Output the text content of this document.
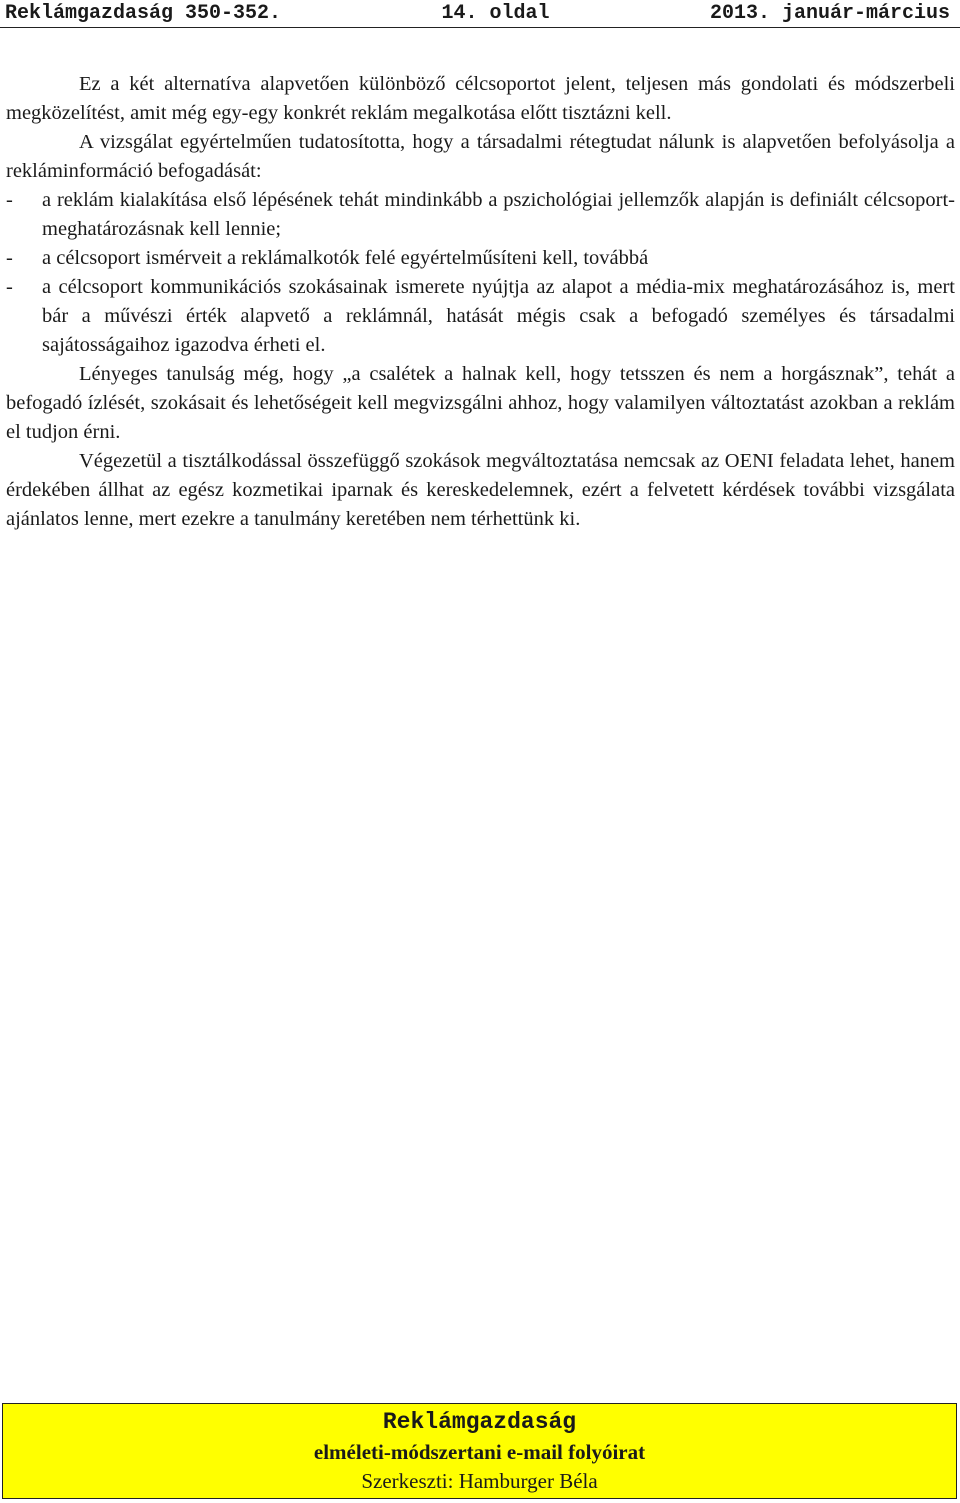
Reklámgazdaság 350-352.	14. oldal	2013. január-március

Ez a két alternatíva alapvetően különböző célcsoportot jelent, teljesen más gondolati és módszerbeli megközelítést, amit még egy-egy konkrét reklám megalkotása előtt tisztázni kell.

A vizsgálat egyértelműen tudatosította, hogy a társadalmi rétegtudat nálunk is alapvetően befolyásolja a rekláminformáció befogadását:

- a reklám kialakítása első lépésének tehát mindinkább a pszichológiai jellemzők alapján is definiált célcsoport-meghatározásnak kell lennie;

- a célcsoport ismérveit a reklámalkotók felé egyértelműsíteni kell, továbbá

- a célcsoport kommunikációs szokásainak ismerete nyújtja az alapot a média-mix meghatározásához is, mert bár a művészi érték alapvető a reklámnál, hatását mégis csak a befogadó személyes és társadalmi sajátosságaihoz igazodva érheti el.

Lényeges tanulság még, hogy „a csalétek a halnak kell, hogy tetsszen és nem a horgásznak”, tehát a befogadó ízlését, szokásait és lehetőségeit kell megvizsgálni ahhoz, hogy valamilyen változtatást azokban a reklám el tudjon érni.

Végezetül a tisztálkodással összefüggő szokások megváltoztatása nemcsak az OENI feladata lehet, hanem érdekében állhat az egész kozmetikai iparnak és kereskedelemnek, ezért a felvetett kérdések további vizsgálata ajánlatos lenne, mert ezekre a tanulmány keretében nem térhettünk ki.

Reklámgazdaság
elméleti-módszertani e-mail folyóirat
Szerkeszti: Hamburger Béla
